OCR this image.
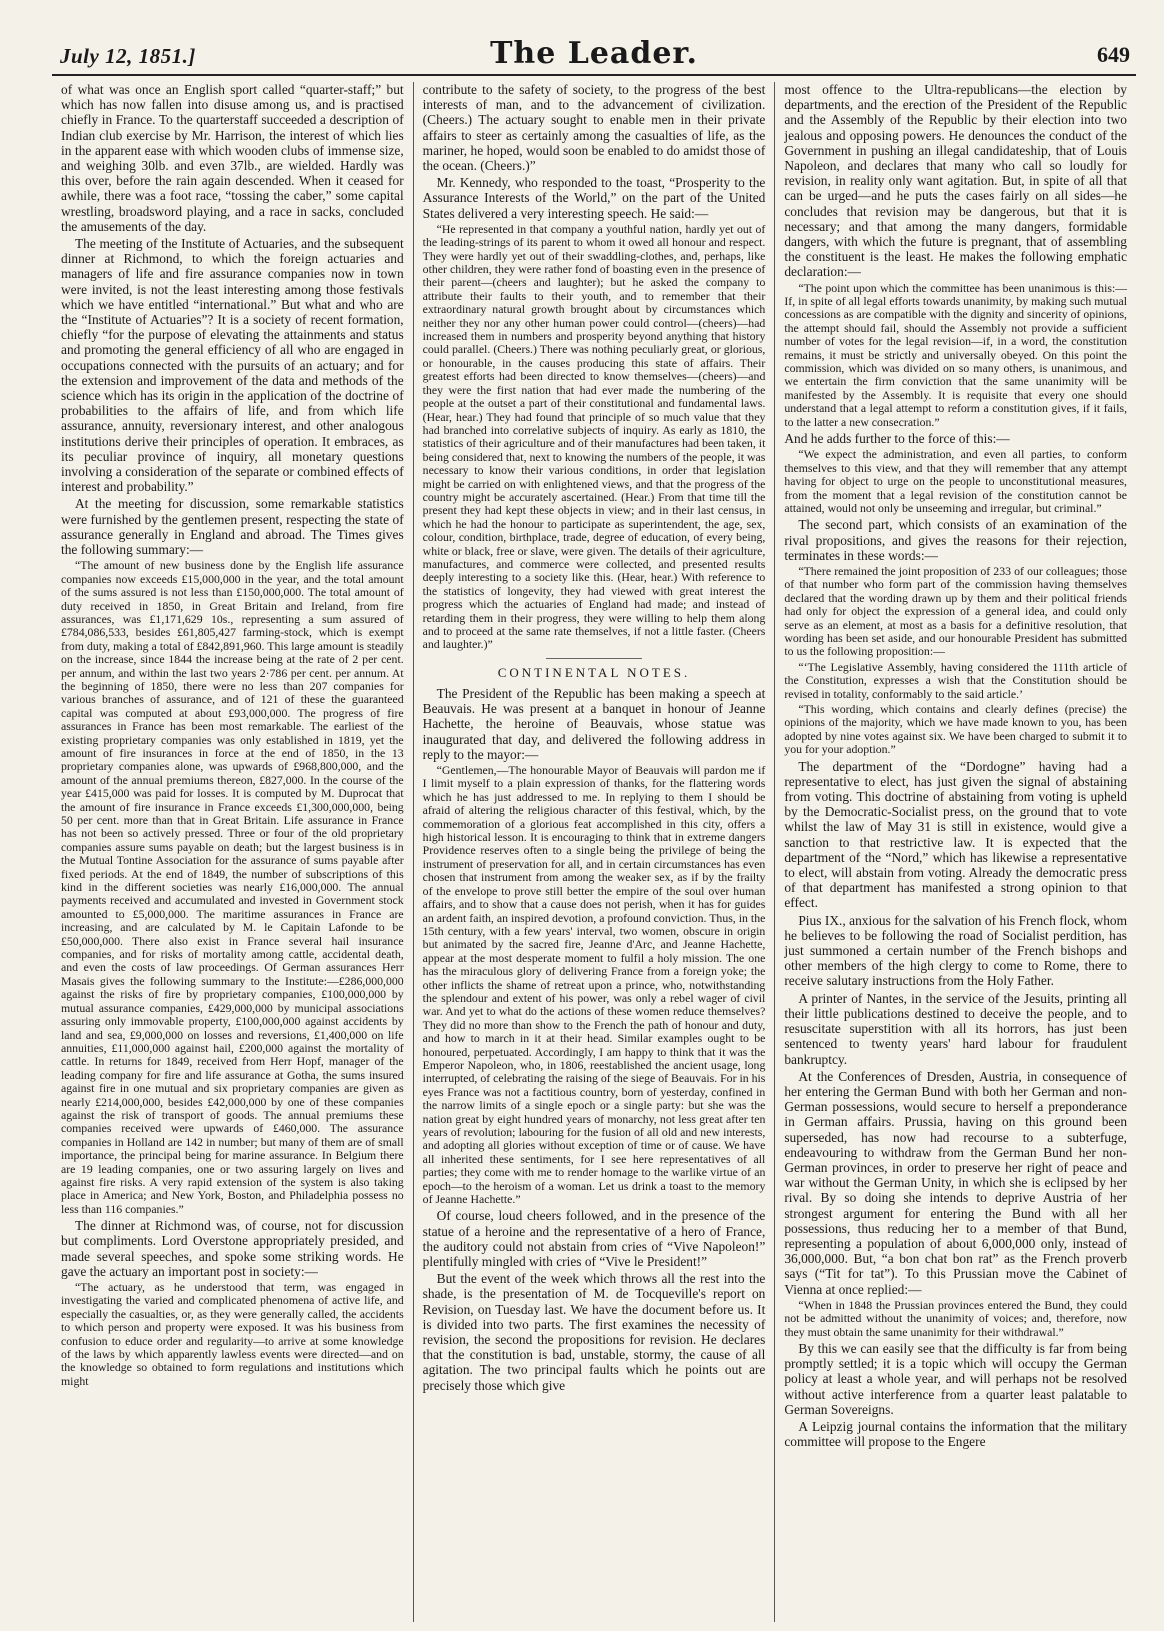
July 12, 1851.]	The Leader.	649

of what was once an English sport called “quarter-staff;” but which has now fallen into disuse among us, and is practised chiefly in France. To the quarterstaff succeeded a description of Indian club exercise by Mr. Harrison, the interest of which lies in the apparent ease with which wooden clubs of immense size, and weighing 30lb. and even 37lb., are wielded. Hardly was this over, before the rain again descended. When it ceased for awhile, there was a foot race, “tossing the caber,” some capital wrestling, broadsword playing, and a race in sacks, concluded the amusements of the day.

The meeting of the Institute of Actuaries, and the subsequent dinner at Richmond, to which the foreign actuaries and managers of life and fire assurance companies now in town were invited, is not the least interesting among those festivals which we have entitled “international.” But what and who are the “Institute of Actuaries”? It is a society of recent formation, chiefly “for the purpose of elevating the attainments and status and promoting the general efficiency of all who are engaged in occupations connected with the pursuits of an actuary; and for the extension and improvement of the data and methods of the science which has its origin in the application of the doctrine of probabilities to the affairs of life, and from which life assurance, annuity, reversionary interest, and other analogous institutions derive their principles of operation. It embraces, as its peculiar province of inquiry, all monetary questions involving a consideration of the separate or combined effects of interest and probability.”

At the meeting for discussion, some remarkable statistics were furnished by the gentlemen present, respecting the state of assurance generally in England and abroad. The Times gives the following summary:—

“The amount of new business done by the English life assurance companies now exceeds £15,000,000 in the year, and the total amount of the sums assured is not less than £150,000,000. The total amount of duty received in 1850, in Great Britain and Ireland, from fire assurances, was £1,171,629 10s., representing a sum assured of £784,086,533, besides £61,805,427 farming-stock, which is exempt from duty, making a total of £842,891,960. This large amount is steadily on the increase, since 1844 the increase being at the rate of 2 per cent. per annum, and within the last two years 2·786 per cent. per annum. At the beginning of 1850, there were no less than 207 companies for various branches of assurance, and of 121 of these the guaranteed capital was computed at about £93,000,000. The progress of fire assurances in France has been most remarkable. The earliest of the existing proprietary companies was only established in 1819, yet the amount of fire insurances in force at the end of 1850, in the 13 proprietary companies alone, was upwards of £968,800,000, and the amount of the annual premiums thereon, £827,000. In the course of the year £415,000 was paid for losses. It is computed by M. Duprocat that the amount of fire insurance in France exceeds £1,300,000,000, being 50 per cent. more than that in Great Britain. Life assurance in France has not been so actively pressed. Three or four of the old proprietary companies assure sums payable on death; but the largest business is in the Mutual Tontine Association for the assurance of sums payable after fixed periods. At the end of 1849, the number of subscriptions of this kind in the different societies was nearly £16,000,000. The annual payments received and accumulated and invested in Government stock amounted to £5,000,000. The maritime assurances in France are increasing, and are calculated by M. le Capitain Lafonde to be £50,000,000. There also exist in France several hail insurance companies, and for risks of mortality among cattle, accidental death, and even the costs of law proceedings. Of German assurances Herr Masais gives the following summary to the Institute:—£286,000,000 against the risks of fire by proprietary companies, £100,000,000 by mutual assurance companies, £429,000,000 by municipal associations assuring only immovable property, £100,000,000 against accidents by land and sea, £9,000,000 on losses and reversions, £1,400,000 on life annuities, £11,000,000 against hail, £200,000 against the mortality of cattle. In returns for 1849, received from Herr Hopf, manager of the leading company for fire and life assurance at Gotha, the sums insured against fire in one mutual and six proprietary companies are given as nearly £214,000,000, besides £42,000,000 by one of these companies against the risk of transport of goods. The annual premiums these companies received were upwards of £460,000. The assurance companies in Holland are 142 in number; but many of them are of small importance, the principal being for marine assurance. In Belgium there are 19 leading companies, one or two assuring largely on lives and against fire risks. A very rapid extension of the system is also taking place in America; and New York, Boston, and Philadelphia possess no less than 116 companies.”

The dinner at Richmond was, of course, not for discussion but compliments. Lord Overstone appropriately presided, and made several speeches, and spoke some striking words. He gave the actuary an important post in society:—

“The actuary, as he understood that term, was engaged in investigating the varied and complicated phenomena of active life, and especially the casualties, or, as they were generally called, the accidents to which person and property were exposed. It was his business from confusion to educe order and regularity—to arrive at some knowledge of the laws by which apparently lawless events were directed—and on the knowledge so obtained to form regulations and institutions which might

contribute to the safety of society, to the progress of the best interests of man, and to the advancement of civilization. (Cheers.) The actuary sought to enable men in their private affairs to steer as certainly among the casualties of life, as the mariner, he hoped, would soon be enabled to do amidst those of the ocean. (Cheers.)”

Mr. Kennedy, who responded to the toast, “Prosperity to the Assurance Interests of the World,” on the part of the United States delivered a very interesting speech. He said:—

“He represented in that company a youthful nation, hardly yet out of the leading-strings of its parent to whom it owed all honour and respect. They were hardly yet out of their swaddling-clothes, and, perhaps, like other children, they were rather fond of boasting even in the presence of their parent—(cheers and laughter); but he asked the company to attribute their faults to their youth, and to remember that their extraordinary natural growth brought about by circumstances which neither they nor any other human power could control—(cheers)—had increased them in numbers and prosperity beyond anything that history could parallel. (Cheers.) There was nothing peculiarly great, or glorious, or honourable, in the causes producing this state of affairs. Their greatest efforts had been directed to know themselves—(cheers)—and they were the first nation that had ever made the numbering of the people at the outset a part of their constitutional and fundamental laws. (Hear, hear.) They had found that principle of so much value that they had branched into correlative subjects of inquiry. As early as 1810, the statistics of their agriculture and of their manufactures had been taken, it being considered that, next to knowing the numbers of the people, it was necessary to know their various conditions, in order that legislation might be carried on with enlightened views, and that the progress of the country might be accurately ascertained. (Hear.) From that time till the present they had kept these objects in view; and in their last census, in which he had the honour to participate as superintendent, the age, sex, colour, condition, birthplace, trade, degree of education, of every being, white or black, free or slave, were given. The details of their agriculture, manufactures, and commerce were collected, and presented results deeply interesting to a society like this. (Hear, hear.) With reference to the statistics of longevity, they had viewed with great interest the progress which the actuaries of England had made; and instead of retarding them in their progress, they were willing to help them along and to proceed at the same rate themselves, if not a little faster. (Cheers and laughter.)”

CONTINENTAL NOTES.

The President of the Republic has been making a speech at Beauvais. He was present at a banquet in honour of Jeanne Hachette, the heroine of Beauvais, whose statue was inaugurated that day, and delivered the following address in reply to the mayor:—

“Gentlemen,—The honourable Mayor of Beauvais will pardon me if I limit myself to a plain expression of thanks, for the flattering words which he has just addressed to me. In replying to them I should be afraid of altering the religious character of this festival, which, by the commemoration of a glorious feat accomplished in this city, offers a high historical lesson. It is encouraging to think that in extreme dangers Providence reserves often to a single being the privilege of being the instrument of preservation for all, and in certain circumstances has even chosen that instrument from among the weaker sex, as if by the frailty of the envelope to prove still better the empire of the soul over human affairs, and to show that a cause does not perish, when it has for guides an ardent faith, an inspired devotion, a profound conviction. Thus, in the 15th century, with a few years' interval, two women, obscure in origin but animated by the sacred fire, Jeanne d'Arc, and Jeanne Hachette, appear at the most desperate moment to fulfil a holy mission. The one has the miraculous glory of delivering France from a foreign yoke; the other inflicts the shame of retreat upon a prince, who, notwithstanding the splendour and extent of his power, was only a rebel wager of civil war. And yet to what do the actions of these women reduce themselves? They did no more than show to the French the path of honour and duty, and how to march in it at their head. Similar examples ought to be honoured, perpetuated. Accordingly, I am happy to think that it was the Emperor Napoleon, who, in 1806, reestablished the ancient usage, long interrupted, of celebrating the raising of the siege of Beauvais. For in his eyes France was not a factitious country, born of yesterday, confined in the narrow limits of a single epoch or a single party: but she was the nation great by eight hundred years of monarchy, not less great after ten years of revolution; labouring for the fusion of all old and new interests, and adopting all glories without exception of time or of cause. We have all inherited these sentiments, for I see here representatives of all parties; they come with me to render homage to the warlike virtue of an epoch—to the heroism of a woman. Let us drink a toast to the memory of Jeanne Hachette.”

Of course, loud cheers followed, and in the presence of the statue of a heroine and the representative of a hero of France, the auditory could not abstain from cries of “Vive Napoleon!” plentifully mingled with cries of “Vive le President!”

But the event of the week which throws all the rest into the shade, is the presentation of M. de Tocqueville's report on Revision, on Tuesday last. We have the document before us. It is divided into two parts. The first examines the necessity of revision, the second the propositions for revision. He declares that the constitution is bad, unstable, stormy, the cause of all agitation. The two principal faults which he points out are precisely those which give

most offence to the Ultra-republicans—the election by departments, and the erection of the President of the Republic and the Assembly of the Republic by their election into two jealous and opposing powers. He denounces the conduct of the Government in pushing an illegal candidateship, that of Louis Napoleon, and declares that many who call so loudly for revision, in reality only want agitation. But, in spite of all that can be urged—and he puts the cases fairly on all sides—he concludes that revision may be dangerous, but that it is necessary; and that among the many dangers, formidable dangers, with which the future is pregnant, that of assembling the constituent is the least. He makes the following emphatic declaration:—

“The point upon which the committee has been unanimous is this:—If, in spite of all legal efforts towards unanimity, by making such mutual concessions as are compatible with the dignity and sincerity of opinions, the attempt should fail, should the Assembly not provide a sufficient number of votes for the legal revision—if, in a word, the constitution remains, it must be strictly and universally obeyed. On this point the commission, which was divided on so many others, is unanimous, and we entertain the firm conviction that the same unanimity will be manifested by the Assembly. It is requisite that every one should understand that a legal attempt to reform a constitution gives, if it fails, to the latter a new consecration.”

And he adds further to the force of this:—

“We expect the administration, and even all parties, to conform themselves to this view, and that they will remember that any attempt having for object to urge on the people to unconstitutional measures, from the moment that a legal revision of the constitution cannot be attained, would not only be unseeming and irregular, but criminal.”

The second part, which consists of an examination of the rival propositions, and gives the reasons for their rejection, terminates in these words:—

“There remained the joint proposition of 233 of our colleagues; those of that number who form part of the commission having themselves declared that the wording drawn up by them and their political friends had only for object the expression of a general idea, and could only serve as an element, at most as a basis for a definitive resolution, that wording has been set aside, and our honourable President has submitted to us the following proposition:—

“‘The Legislative Assembly, having considered the 111th article of the Constitution, expresses a wish that the Constitution should be revised in totality, conformably to the said article.’

“This wording, which contains and clearly defines (precise) the opinions of the majority, which we have made known to you, has been adopted by nine votes against six. We have been charged to submit it to you for your adoption.”

The department of the “Dordogne” having had a representative to elect, has just given the signal of abstaining from voting. This doctrine of abstaining from voting is upheld by the Democratic-Socialist press, on the ground that to vote whilst the law of May 31 is still in existence, would give a sanction to that restrictive law. It is expected that the department of the “Nord,” which has likewise a representative to elect, will abstain from voting. Already the democratic press of that department has manifested a strong opinion to that effect.

Pius IX., anxious for the salvation of his French flock, whom he believes to be following the road of Socialist perdition, has just summoned a certain number of the French bishops and other members of the high clergy to come to Rome, there to receive salutary instructions from the Holy Father.

A printer of Nantes, in the service of the Jesuits, printing all their little publications destined to deceive the people, and to resuscitate superstition with all its horrors, has just been sentenced to twenty years' hard labour for fraudulent bankruptcy.

At the Conferences of Dresden, Austria, in consequence of her entering the German Bund with both her German and non-German possessions, would secure to herself a preponderance in German affairs. Prussia, having on this ground been superseded, has now had recourse to a subterfuge, endeavouring to withdraw from the German Bund her non-German provinces, in order to preserve her right of peace and war without the German Unity, in which she is eclipsed by her rival. By so doing she intends to deprive Austria of her strongest argument for entering the Bund with all her possessions, thus reducing her to a member of that Bund, representing a population of about 6,000,000 only, instead of 36,000,000. But, “a bon chat bon rat” as the French proverb says (“Tit for tat”). To this Prussian move the Cabinet of Vienna at once replied:—

“When in 1848 the Prussian provinces entered the Bund, they could not be admitted without the unanimity of voices; and, therefore, now they must obtain the same unanimity for their withdrawal.”

By this we can easily see that the difficulty is far from being promptly settled; it is a topic which will occupy the German policy at least a whole year, and will perhaps not be resolved without active interference from a quarter least palatable to German Sovereigns.

A Leipzig journal contains the information that the military committee will propose to the Engere
